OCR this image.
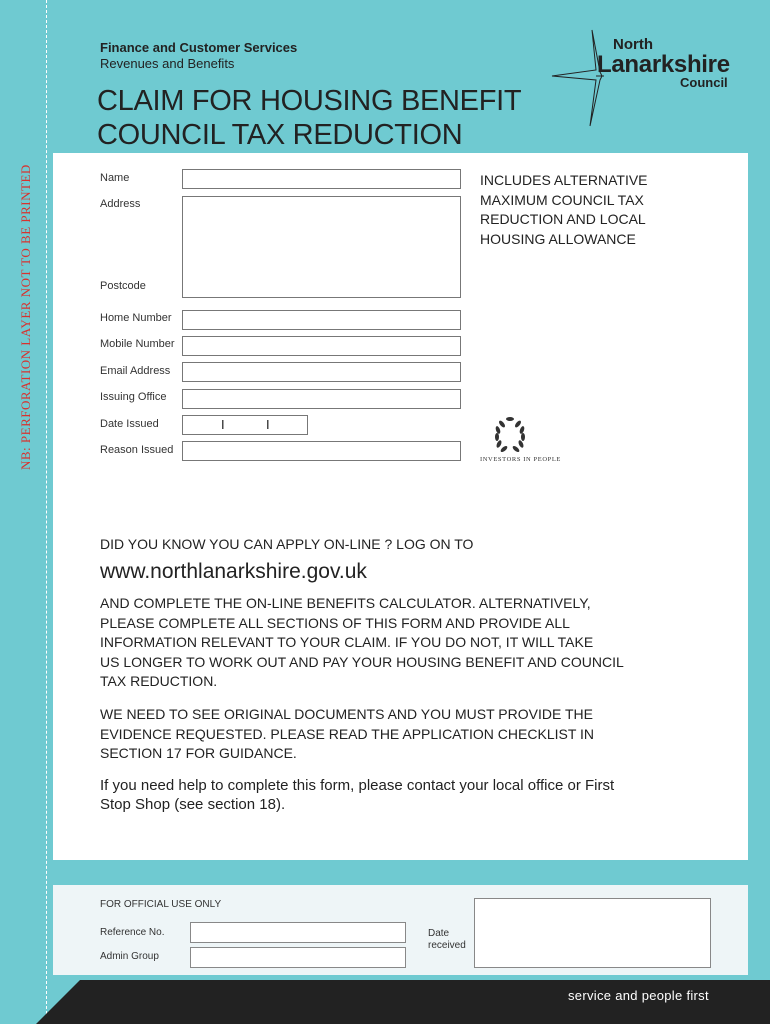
NB: PERFORATION LAYER NOT TO BE PRINTED
Finance and Customer Services
Revenues and Benefits
CLAIM FOR HOUSING BENEFIT
COUNCIL TAX REDUCTION
North
Lanarkshire
Council
Name
Address
Postcode
Home Number
Mobile Number
Email Address
Issuing Office
Date Issued	I	I
Reason Issued
INCLUDES ALTERNATIVE
MAXIMUM COUNCIL TAX
REDUCTION AND LOCAL
HOUSING ALLOWANCE
INVESTORS IN PEOPLE
DID YOU KNOW YOU CAN APPLY ON-LINE ? LOG ON TO
www.northlanarkshire.gov.uk
AND COMPLETE THE ON-LINE BENEFITS CALCULATOR. ALTERNATIVELY,
PLEASE COMPLETE ALL SECTIONS OF THIS FORM AND PROVIDE ALL
INFORMATION RELEVANT TO YOUR CLAIM. IF YOU DO NOT, IT WILL TAKE
US LONGER TO WORK OUT AND PAY YOUR HOUSING BENEFIT AND COUNCIL
TAX REDUCTION.
WE NEED TO SEE ORIGINAL DOCUMENTS AND YOU MUST PROVIDE THE
EVIDENCE REQUESTED. PLEASE READ THE APPLICATION CHECKLIST IN
SECTION 17 FOR GUIDANCE.
If you need help to complete this form, please contact your local office or First
Stop Shop (see section 18).
FOR OFFICIAL USE ONLY
Reference No.
Admin Group
Date
received
service and people first
